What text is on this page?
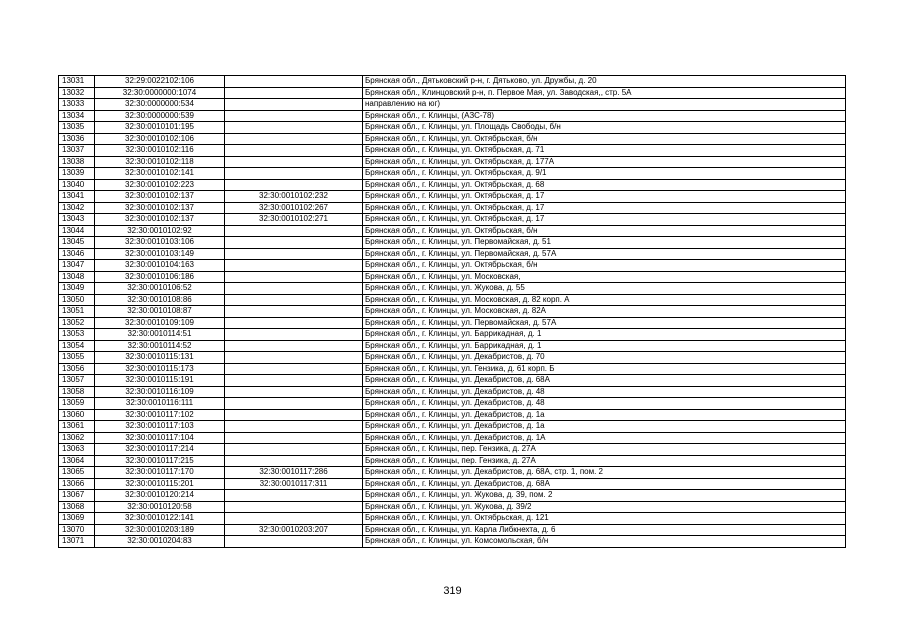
13031	32:29:0022102:106		Брянская обл., Дятьковский р-н, г. Дятьково, ул. Дружбы, д. 20
13032	32:30:0000000:1074		Брянская обл., Клинцовский р-н, п. Первое Мая, ул. Заводская,, стр. 5А
13033	32:30:0000000:534		направлению на юг)
13034	32:30:0000000:539		Брянская обл., г. Клинцы, (АЗС-78)
13035	32:30:0010101:195		Брянская обл., г. Клинцы, ул. Площадь Свободы, б/н
13036	32:30:0010102:106		Брянская обл., г. Клинцы, ул. Октябрьская, б/н
13037	32:30:0010102:116		Брянская обл., г. Клинцы, ул. Октябрьская, д. 71
13038	32:30:0010102:118		Брянская обл., г. Клинцы, ул. Октябрьская, д. 177А
13039	32:30:0010102:141		Брянская обл., г. Клинцы, ул. Октябрьская, д. 9/1
13040	32:30:0010102:223		Брянская обл., г. Клинцы, ул. Октябрьская, д. 68
13041	32:30:0010102:137	32:30:0010102:232	Брянская обл., г. Клинцы, ул. Октябрьская, д. 17
13042	32:30:0010102:137	32:30:0010102:267	Брянская обл., г. Клинцы, ул. Октябрьская, д. 17
13043	32:30:0010102:137	32:30:0010102:271	Брянская обл., г. Клинцы, ул. Октябрьская, д. 17
13044	32:30:0010102:92		Брянская обл., г. Клинцы, ул. Октябрьская, б/н
13045	32:30:0010103:106		Брянская обл., г. Клинцы, ул. Первомайская, д. 51
13046	32:30:0010103:149		Брянская обл., г. Клинцы, ул. Первомайская, д. 57А
13047	32:30:0010104:163		Брянская обл., г. Клинцы, ул. Октябрьская, б/н
13048	32:30:0010106:186		Брянская обл., г. Клинцы, ул. Московская,
13049	32:30:0010106:52		Брянская обл., г. Клинцы, ул. Жукова, д. 55
13050	32:30:0010108:86		Брянская обл., г. Клинцы, ул. Московская, д. 82 корп. А
13051	32:30:0010108:87		Брянская обл., г. Клинцы, ул. Московская, д. 82А
13052	32:30:0010109:109		Брянская обл., г. Клинцы, ул. Первомайская, д. 57А
13053	32:30:0010114:51		Брянская обл., г. Клинцы, ул. Баррикадная, д. 1
13054	32:30:0010114:52		Брянская обл., г. Клинцы, ул. Баррикадная, д. 1
13055	32:30:0010115:131		Брянская обл., г. Клинцы, ул. Декабристов, д. 70
13056	32:30:0010115:173		Брянская обл., г. Клинцы, ул. Гензика, д. 61 корп. Б
13057	32:30:0010115:191		Брянская обл., г. Клинцы, ул. Декабристов, д. 68А
13058	32:30:0010116:109		Брянская обл., г. Клинцы, ул. Декабристов, д. 48
13059	32:30:0010116:111		Брянская обл., г. Клинцы, ул. Декабристов, д. 48
13060	32:30:0010117:102		Брянская обл., г. Клинцы, ул. Декабристов, д. 1а
13061	32:30:0010117:103		Брянская обл., г. Клинцы, ул. Декабристов, д. 1а
13062	32:30:0010117:104		Брянская обл., г. Клинцы, ул. Декабристов, д. 1А
13063	32:30:0010117:214		Брянская обл., г. Клинцы, пер. Гензика, д. 27А
13064	32:30:0010117:215		Брянская обл., г. Клинцы, пер. Гензика, д. 27А
13065	32:30:0010117:170	32:30:0010117:286	Брянская обл., г. Клинцы, ул. Декабристов, д. 68А, стр. 1, пом. 2
13066	32:30:0010115:201	32:30:0010117:311	Брянская обл., г. Клинцы, ул. Декабристов, д. 68А
13067	32:30:0010120:214		Брянская обл., г. Клинцы, ул. Жукова, д. 39, пом. 2
13068	32:30:0010120:58		Брянская обл., г. Клинцы, ул. Жукова, д. 39/2
13069	32:30:0010122:141		Брянская обл., г. Клинцы, ул. Октябрьская, д. 121
13070	32:30:0010203:189	32:30:0010203:207	Брянская обл., г. Клинцы, ул. Карла Либкнехта, д. 6
13071	32:30:0010204:83		Брянская обл., г. Клинцы, ул. Комсомольская, б/н
319
